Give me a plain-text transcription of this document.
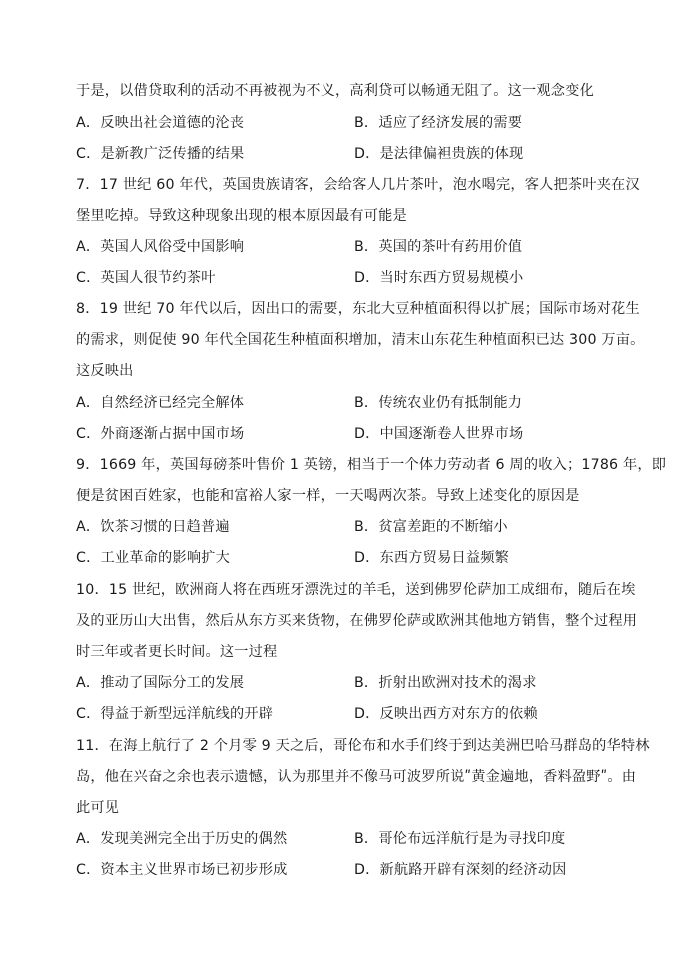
于是，以借贷取利的活动不再被视为不义，高利贷可以畅通无阻了。这一观念变化
A．反映出社会道德的沦丧	B．适应了经济发展的需要
C．是新教广泛传播的结果	D．是法律偏袒贵族的体现
7．17 世纪 60 年代，英国贵族请客，会给客人几片茶叶，泡水喝完，客人把茶叶夹在汉
堡里吃掉。导致这种现象出现的根本原因最有可能是
A．英国人风俗受中国影响	B．英国的茶叶有药用价值
C．英国人很节约茶叶	D．当时东西方贸易规模小
8．19 世纪 70 年代以后，因出口的需要，东北大豆种植面积得以扩展；国际市场对花生
的需求，则促使 90 年代全国花生种植面积增加，清末山东花生种植面积已达 300 万亩。
这反映出
A．自然经济已经完全解体	B．传统农业仍有抵制能力
C．外商逐渐占据中国市场	D．中国逐渐卷人世界市场
9．1669 年，英国每磅茶叶售价 1 英镑，相当于一个体力劳动者 6 周的收入；1786 年，即
便是贫困百姓家，也能和富裕人家一样，一天喝两次茶。导致上述变化的原因是
A．饮茶习惯的日趋普遍	B．贫富差距的不断缩小
C．工业革命的影响扩大	D．东西方贸易日益频繁
10．15 世纪，欧洲商人将在西班牙漂洗过的羊毛，送到佛罗伦萨加工成细布，随后在埃
及的亚历山大出售，然后从东方买来货物，在佛罗伦萨或欧洲其他地方销售，整个过程用
时三年或者更长时间。这一过程
A．推动了国际分工的发展	B．折射出欧洲对技术的渴求
C．得益于新型远洋航线的开辟	D．反映出西方对东方的依赖
11．在海上航行了 2 个月零 9 天之后，哥伦布和水手们终于到达美洲巴哈马群岛的华特林
岛，他在兴奋之余也表示遗憾，认为那里并不像马可波罗所说ʺ黄金遍地，香料盈野ʺ。由
此可见
A．发现美洲完全出于历史的偶然	B．哥伦布远洋航行是为寻找印度
C．资本主义世界市场已初步形成	D．新航路开辟有深刻的经济动因
